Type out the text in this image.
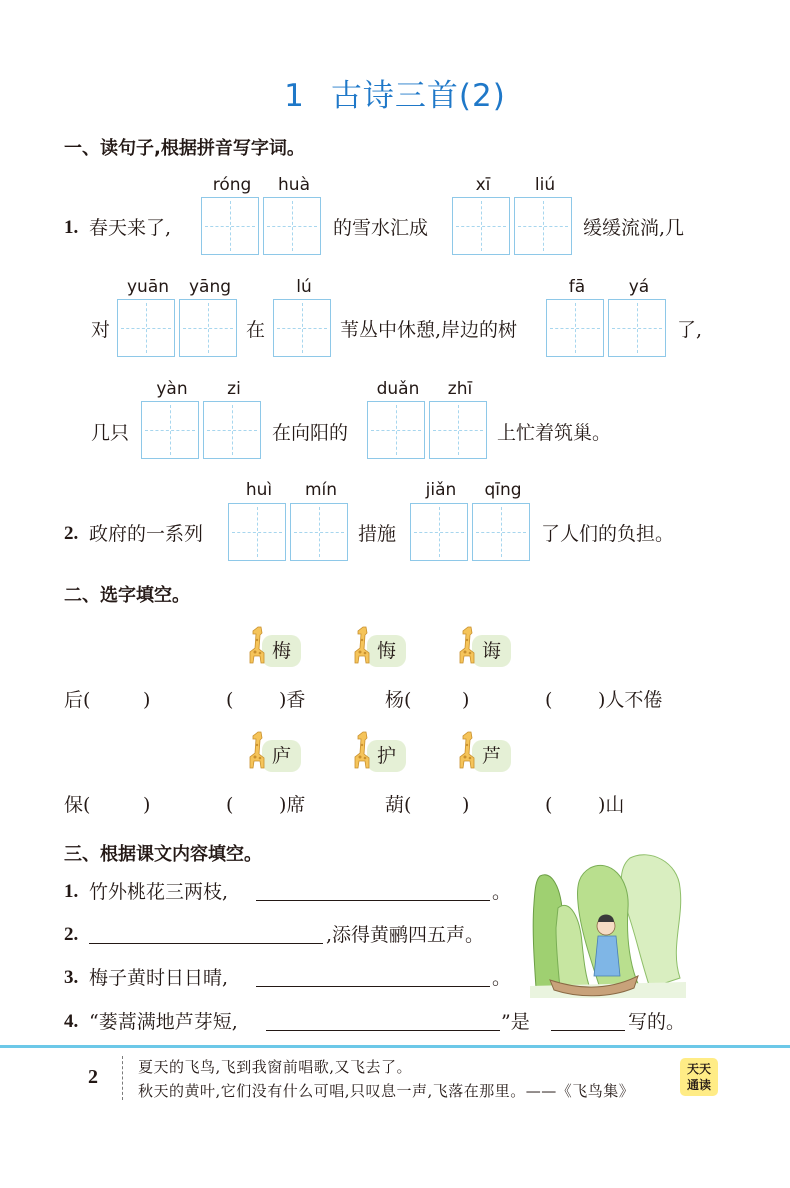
1 古诗三首(2)
一、读句子,根据拼音写字词。
róng	huà	xī	liú
1. 春天来了,	的雪水汇成	缓缓流淌,几
yuān	yāng	lú	fā	yá
对	在	苇丛中休憩,岸边的树	了,
yàn	zi	duǎn	zhī
几只	在向阳的	上忙着筑巢。
huì	mín	jiǎn	qīng
2. 政府的一系列	措施	了人们的负担。
二、选字填空。
梅	悔	诲
后(	)	( )香	杨(	)	( )人不倦
庐	护	芦
保(	)	( )席	葫(	)	( )山
三、根据课文内容填空。
1. 竹外桃花三两枝,	。
2.	,添得黄鹂四五声。
3. 梅子黄时日日晴,	。
4. “蒌蒿满地芦芽短,	”是	写的。
2	夏天的飞鸟,飞到我窗前唱歌,又飞去了。
秋天的黄叶,它们没有什么可唱,只叹息一声,飞落在那里。——《飞鸟集》
天天
通读
